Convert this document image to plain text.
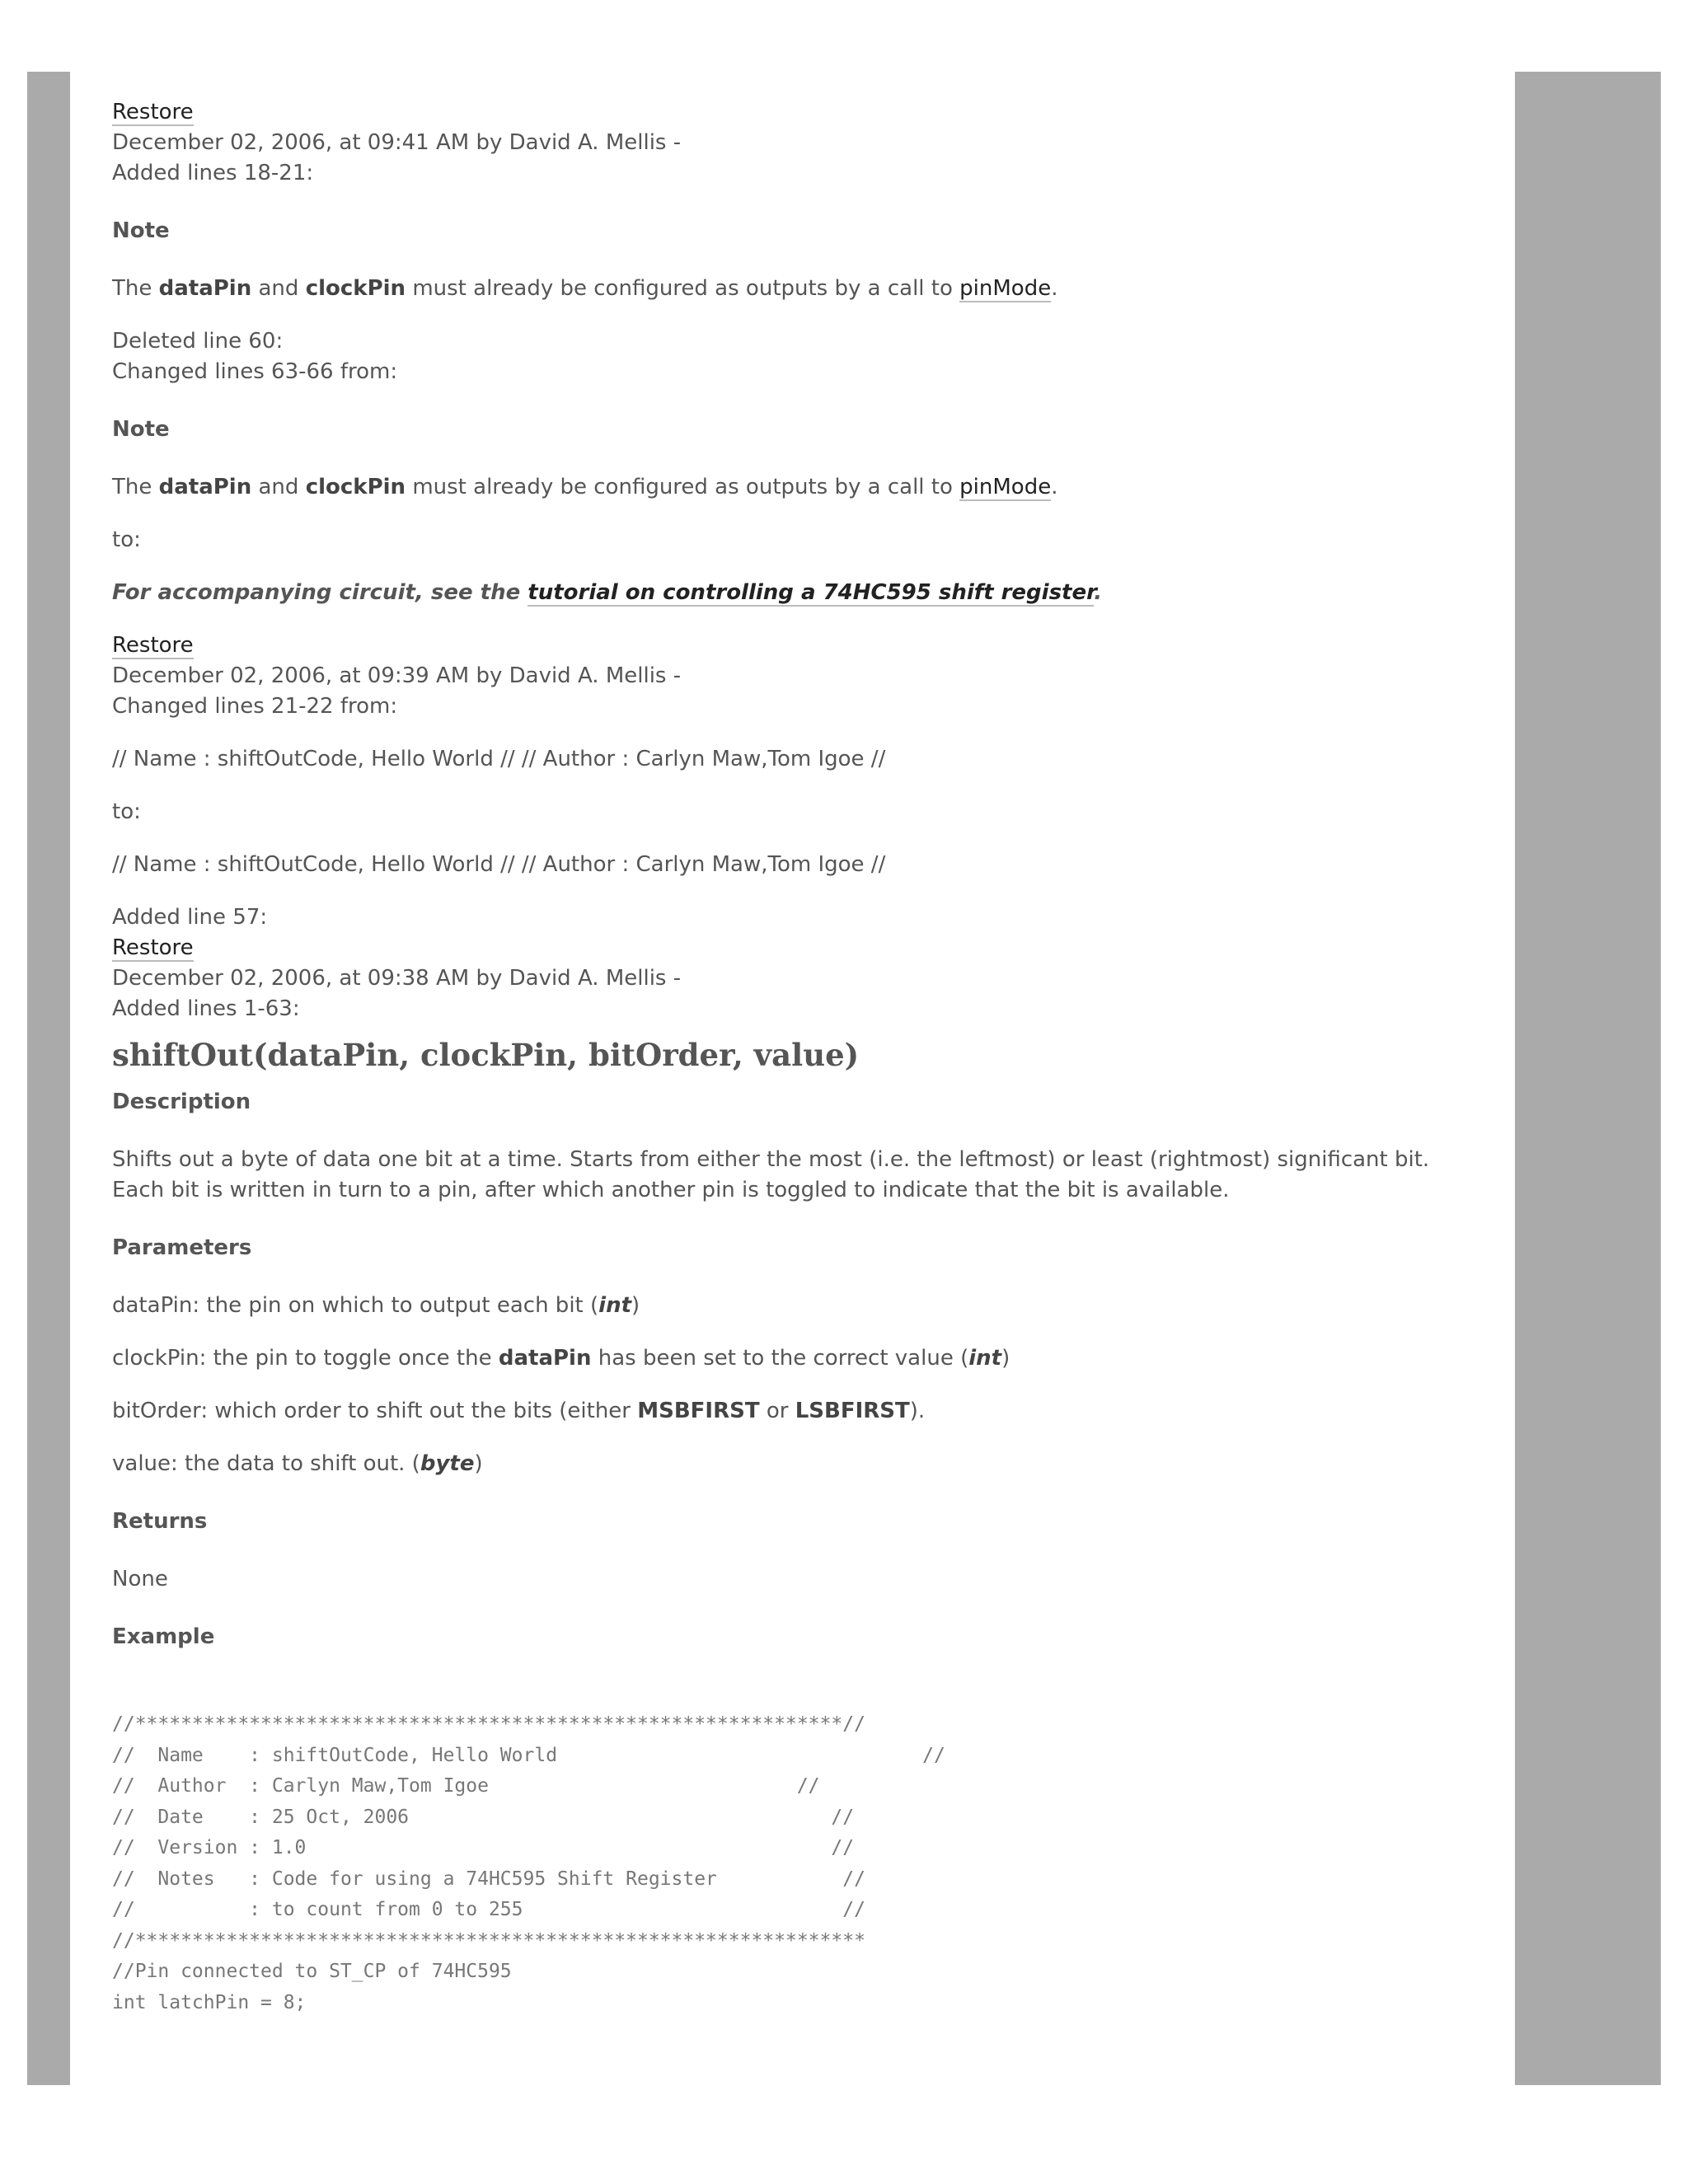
Restore

December 02, 2006, at 09:41 AM by David A. Mellis -

Added lines 18-21:

Note

The dataPin and clockPin must already be configured as outputs by a call to pinMode.

Deleted line 60:

Changed lines 63-66 from:

Note

The dataPin and clockPin must already be configured as outputs by a call to pinMode.

to:

For accompanying circuit, see the tutorial on controlling a 74HC595 shift register.

Restore

December 02, 2006, at 09:39 AM by David A. Mellis -

Changed lines 21-22 from:

// Name : shiftOutCode, Hello World // // Author : Carlyn Maw,Tom Igoe //

to:

// Name : shiftOutCode, Hello World // // Author : Carlyn Maw,Tom Igoe //

Added line 57:

Restore

December 02, 2006, at 09:38 AM by David A. Mellis -

Added lines 1-63:

shiftOut(dataPin, clockPin, bitOrder, value)

Description

Shifts out a byte of data one bit at a time. Starts from either the most (i.e. the leftmost) or least (rightmost) significant bit. Each bit is written in turn to a pin, after which another pin is toggled to indicate that the bit is available.

Parameters

dataPin: the pin on which to output each bit (int)

clockPin: the pin to toggle once the dataPin has been set to the correct value (int)

bitOrder: which order to shift out the bits (either MSBFIRST or LSBFIRST).

value: the data to shift out. (byte)

Returns

None

Example

//**************************************************************//
//  Name    : shiftOutCode, Hello World                                //
//  Author  : Carlyn Maw,Tom Igoe                           //
//  Date    : 25 Oct, 2006                                     //
//  Version : 1.0                                              //
//  Notes   : Code for using a 74HC595 Shift Register           //
//          : to count from 0 to 255                            //
//****************************************************************
//Pin connected to ST_CP of 74HC595
int latchPin = 8;
